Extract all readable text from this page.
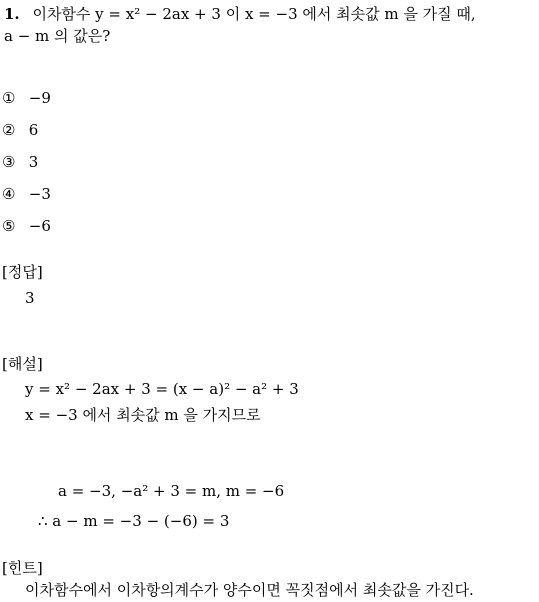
1. 이차함수 y = x² − 2ax + 3 이 x = −3 에서 최솟값 m 을 가질 때,
a − m 의 값은?
① −9
② 6
③ 3
④ −3
⑤ −6
[정답]
3
[해설]
y = x² − 2ax + 3 = (x − a)² − a² + 3
x = −3 에서 최솟값 m 을 가지므로
a = −3, −a² + 3 = m, m = −6
∴ a − m = −3 − (−6) = 3
[힌트]
이차함수에서 이차항의계수가 양수이면 꼭짓점에서 최솟값을 가진다.
